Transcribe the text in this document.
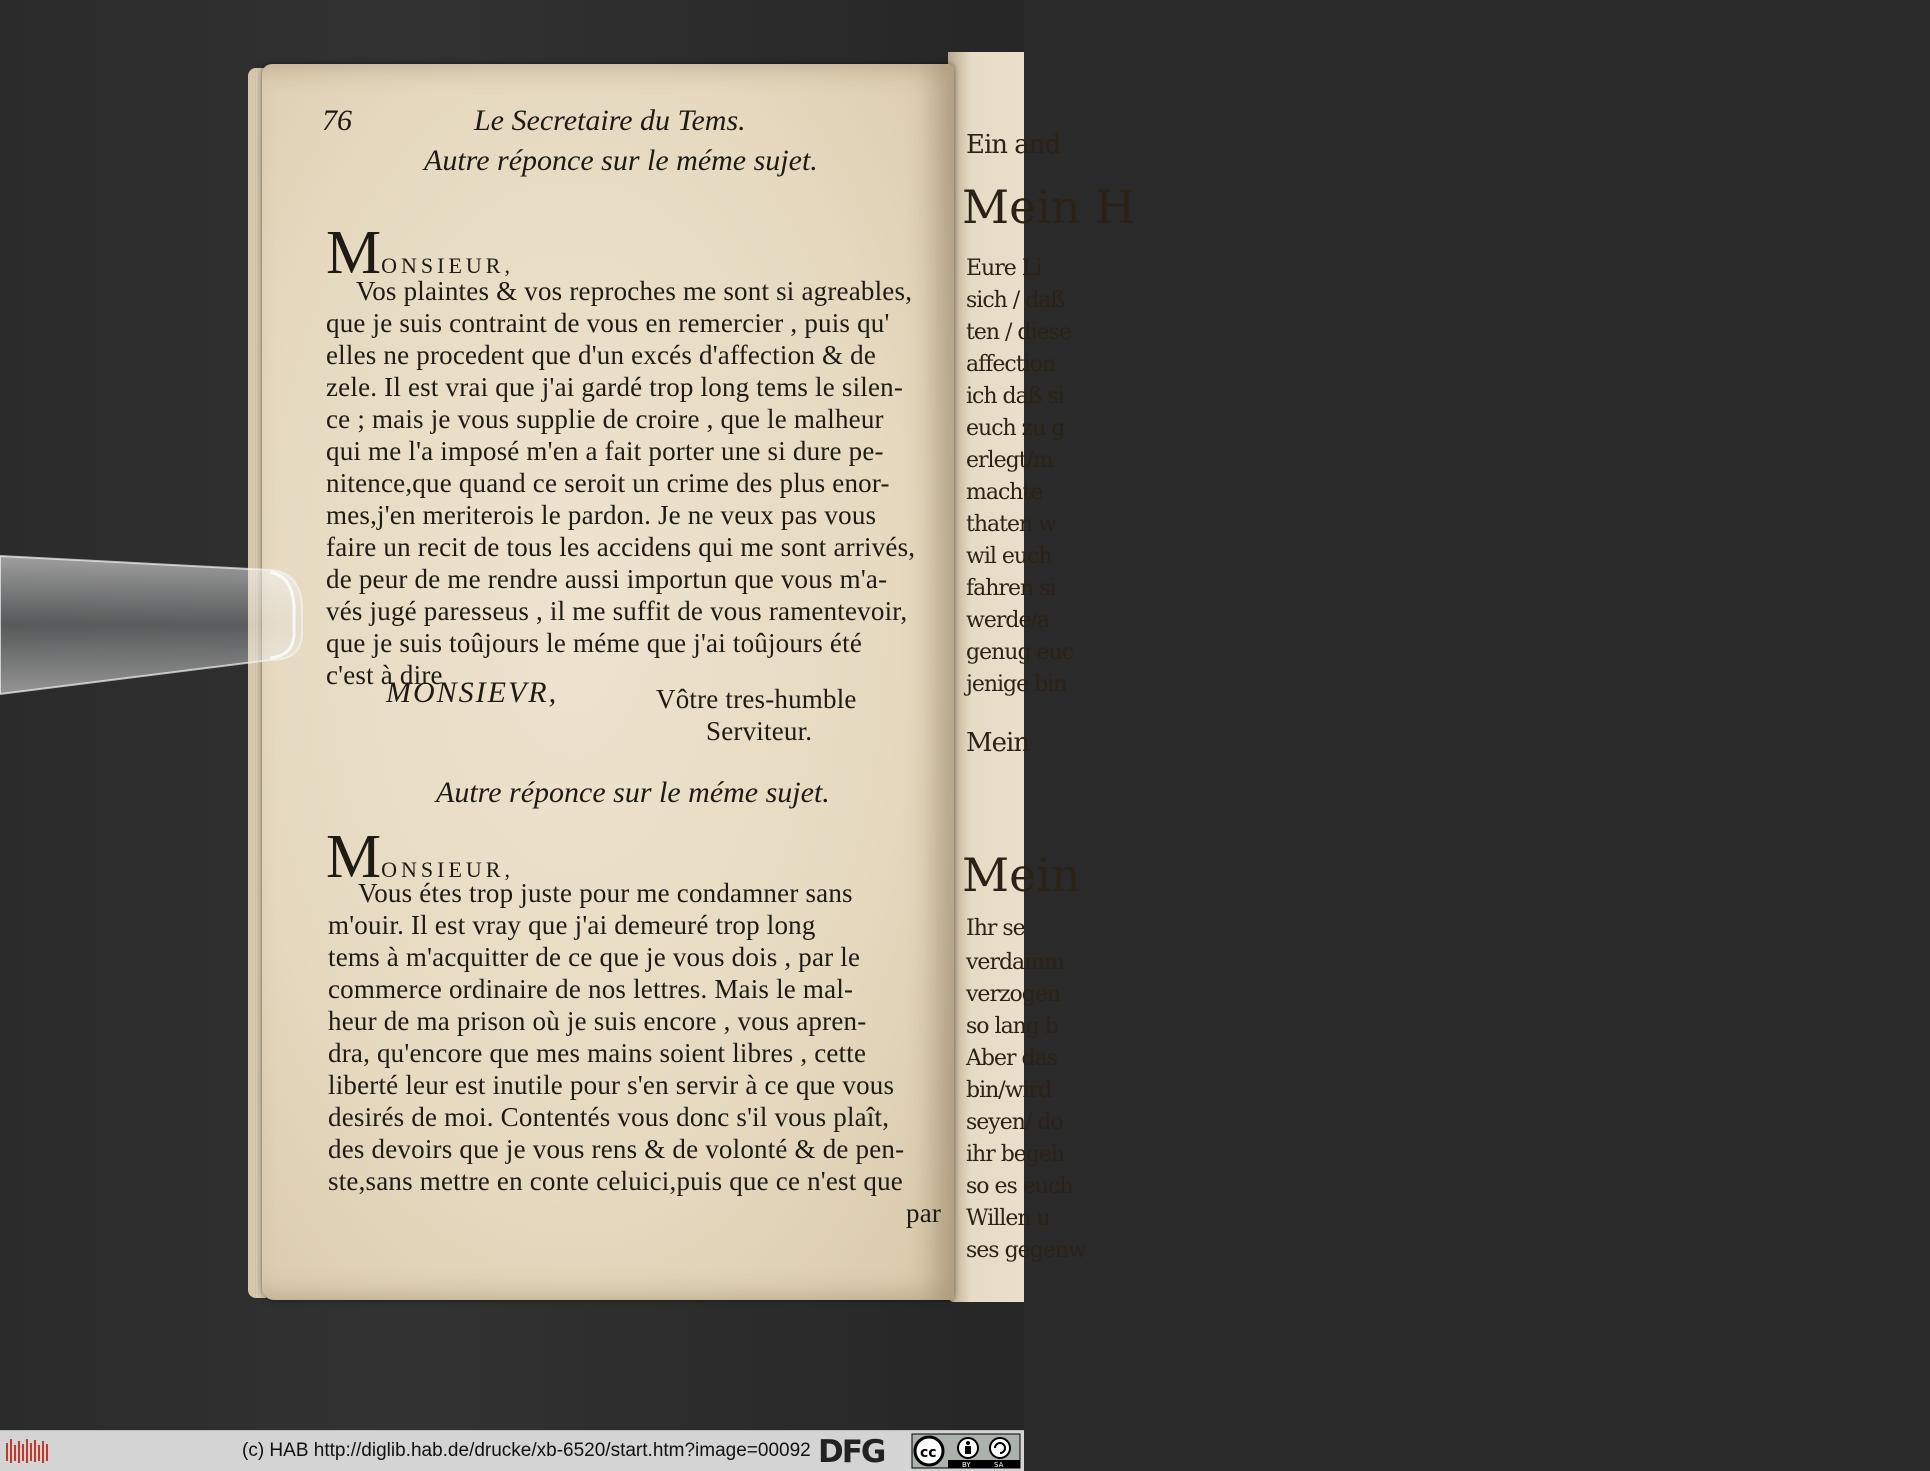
Ein and
Mein H
Eure Li
sich / daß
ten / diese
affection
ich daß si
euch zu g
erlegt/m
machte
thaten w
wil euch
fahren si
werde/a
genug euc
jenige bin
Mein
Mein
Ihr se
verdamm
verzogen
so lang b
Aber das
bin/wird
seyen/ do
ihr begeh
so es euch
Willen u
ses gegenw
76	Le Secretaire du Tems.
Autre réponce sur le méme sujet.
MONSIEUR,
Vos plaintes & vos reproches me sont si agreables,
que je suis contraint de vous en remercier , puis qu'
elles ne procedent que d'un excés d'affection & de
zele. Il est vrai que j'ai gardé trop long tems le silen-
ce ; mais je vous supplie de croire , que le malheur
qui me l'a imposé m'en a fait porter une si dure pe-
nitence,que quand ce seroit un crime des plus enor-
mes,j'en meriterois le pardon. Je ne veux pas vous
faire un recit de tous les accidens qui me sont arrivés,
de peur de me rendre aussi importun que vous m'a-
vés jugé paresseus , il me suffit de vous ramentevoir,
que je suis toûjours le méme que j'ai toûjours été
c'est à dire
MONSIEVR,	Vôtre tres-humble
Serviteur.
Autre réponce sur le méme sujet.
MONSIEUR,
Vous étes trop juste pour me condamner sans
m'ouir. Il est vray que j'ai demeuré trop long
tems à m'acquitter de ce que je vous dois , par le
commerce ordinaire de nos lettres. Mais le mal-
heur de ma prison où je suis encore , vous apren-
dra, qu'encore que mes mains soient libres , cette
liberté leur est inutile pour s'en servir à ce que vous
desirés de moi. Contentés vous donc s'il vous plaît,
des devoirs que je vous rens & de volonté & de pen-
ste,sans mettre en conte celuici,puis que ce n'est que
par
(c) HAB http://diglib.hab.de/drucke/xb-6520/start.htm?image=00092 DFG	cc
BY	SA
